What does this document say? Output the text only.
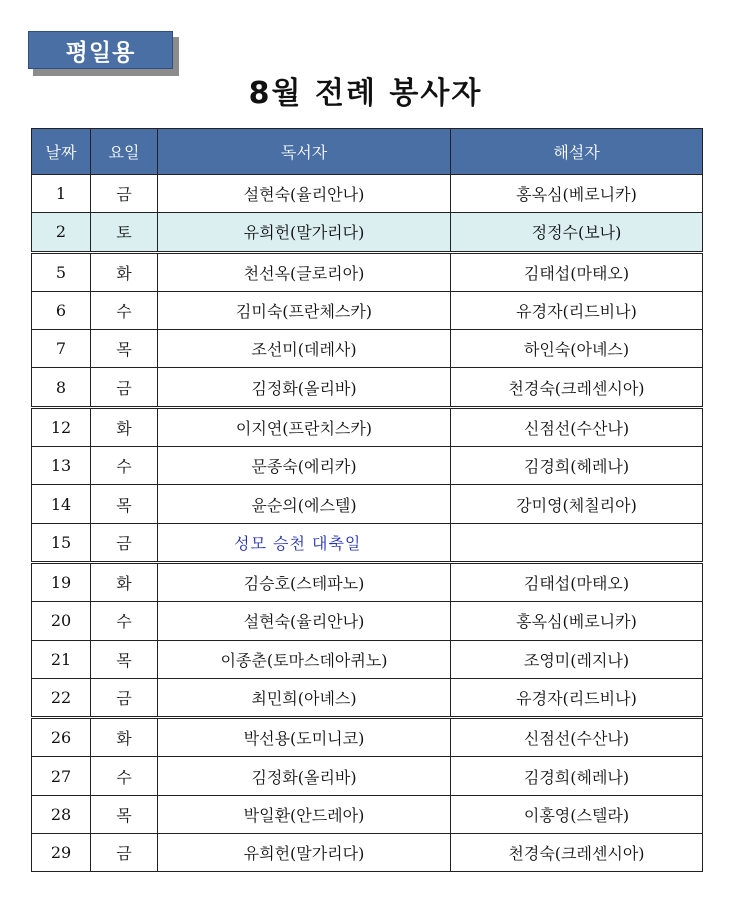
평일용
8월 전례 봉사자
날짜	요일	독서자	해설자
1	금	설현숙(율리안나)	홍옥심(베로니카)
2	토	유희헌(말가리다)	정정수(보나)
5	화	천선옥(글로리아)	김태섭(마태오)
6	수	김미숙(프란체스카)	유경자(리드비나)
7	목	조선미(데레사)	하인숙(아녜스)
8	금	김정화(올리바)	천경숙(크레센시아)
12	화	이지연(프란치스카)	신점선(수산나)
13	수	문종숙(에리카)	김경희(헤레나)
14	목	윤순의(에스텔)	강미영(체칠리아)
15	금	성모 승천 대축일	
19	화	김승호(스테파노)	김태섭(마태오)
20	수	설현숙(율리안나)	홍옥심(베로니카)
21	목	이종춘(토마스데아퀴노)	조영미(레지나)
22	금	최민희(아녜스)	유경자(리드비나)
26	화	박선용(도미니코)	신점선(수산나)
27	수	김정화(올리바)	김경희(헤레나)
28	목	박일환(안드레아)	이홍영(스텔라)
29	금	유희헌(말가리다)	천경숙(크레센시아)
